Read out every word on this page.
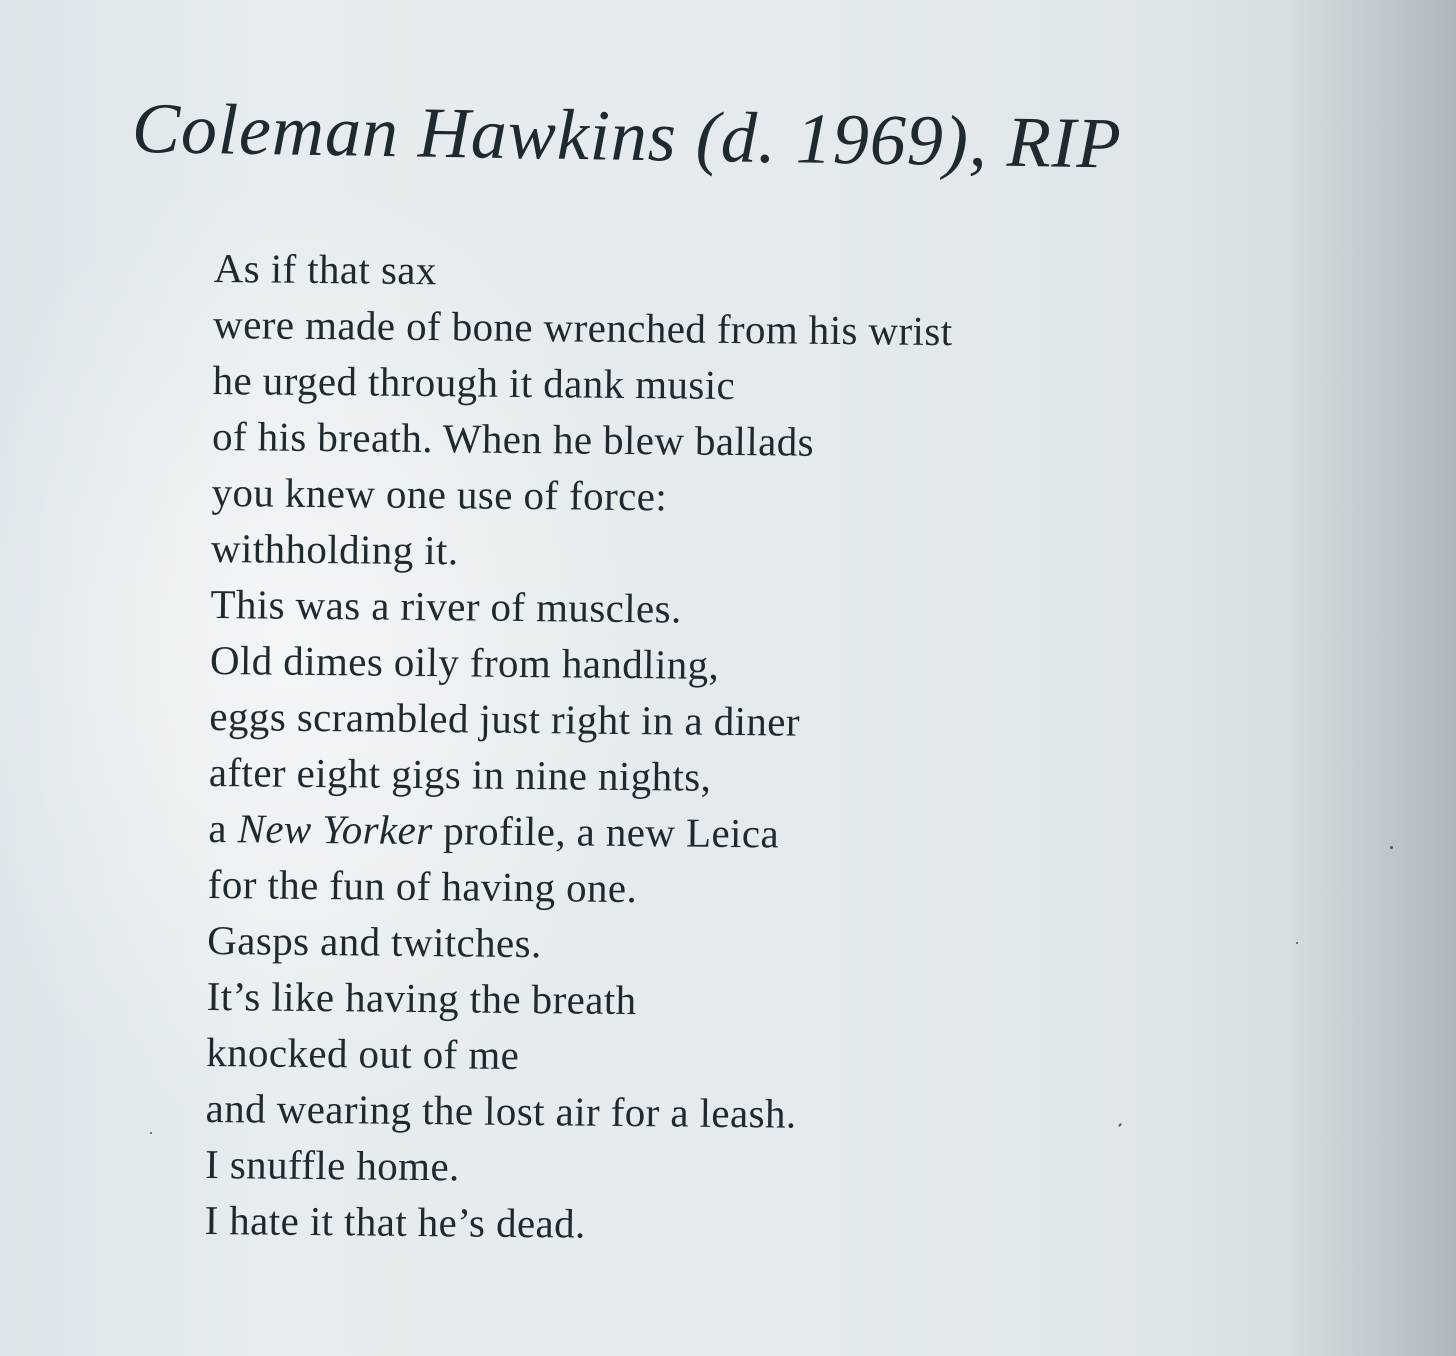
Coleman Hawkins (d. 1969), RIP
As if that sax
were made of bone wrenched from his wrist
he urged through it dank music
of his breath. When he blew ballads
you knew one use of force:
withholding it.
This was a river of muscles.
Old dimes oily from handling,
eggs scrambled just right in a diner
after eight gigs in nine nights,
a New Yorker profile, a new Leica
for the fun of having one.
Gasps and twitches.
It’s like having the breath
knocked out of me
and wearing the lost air for a leash.
I snuffle home.
I hate it that he’s dead.
